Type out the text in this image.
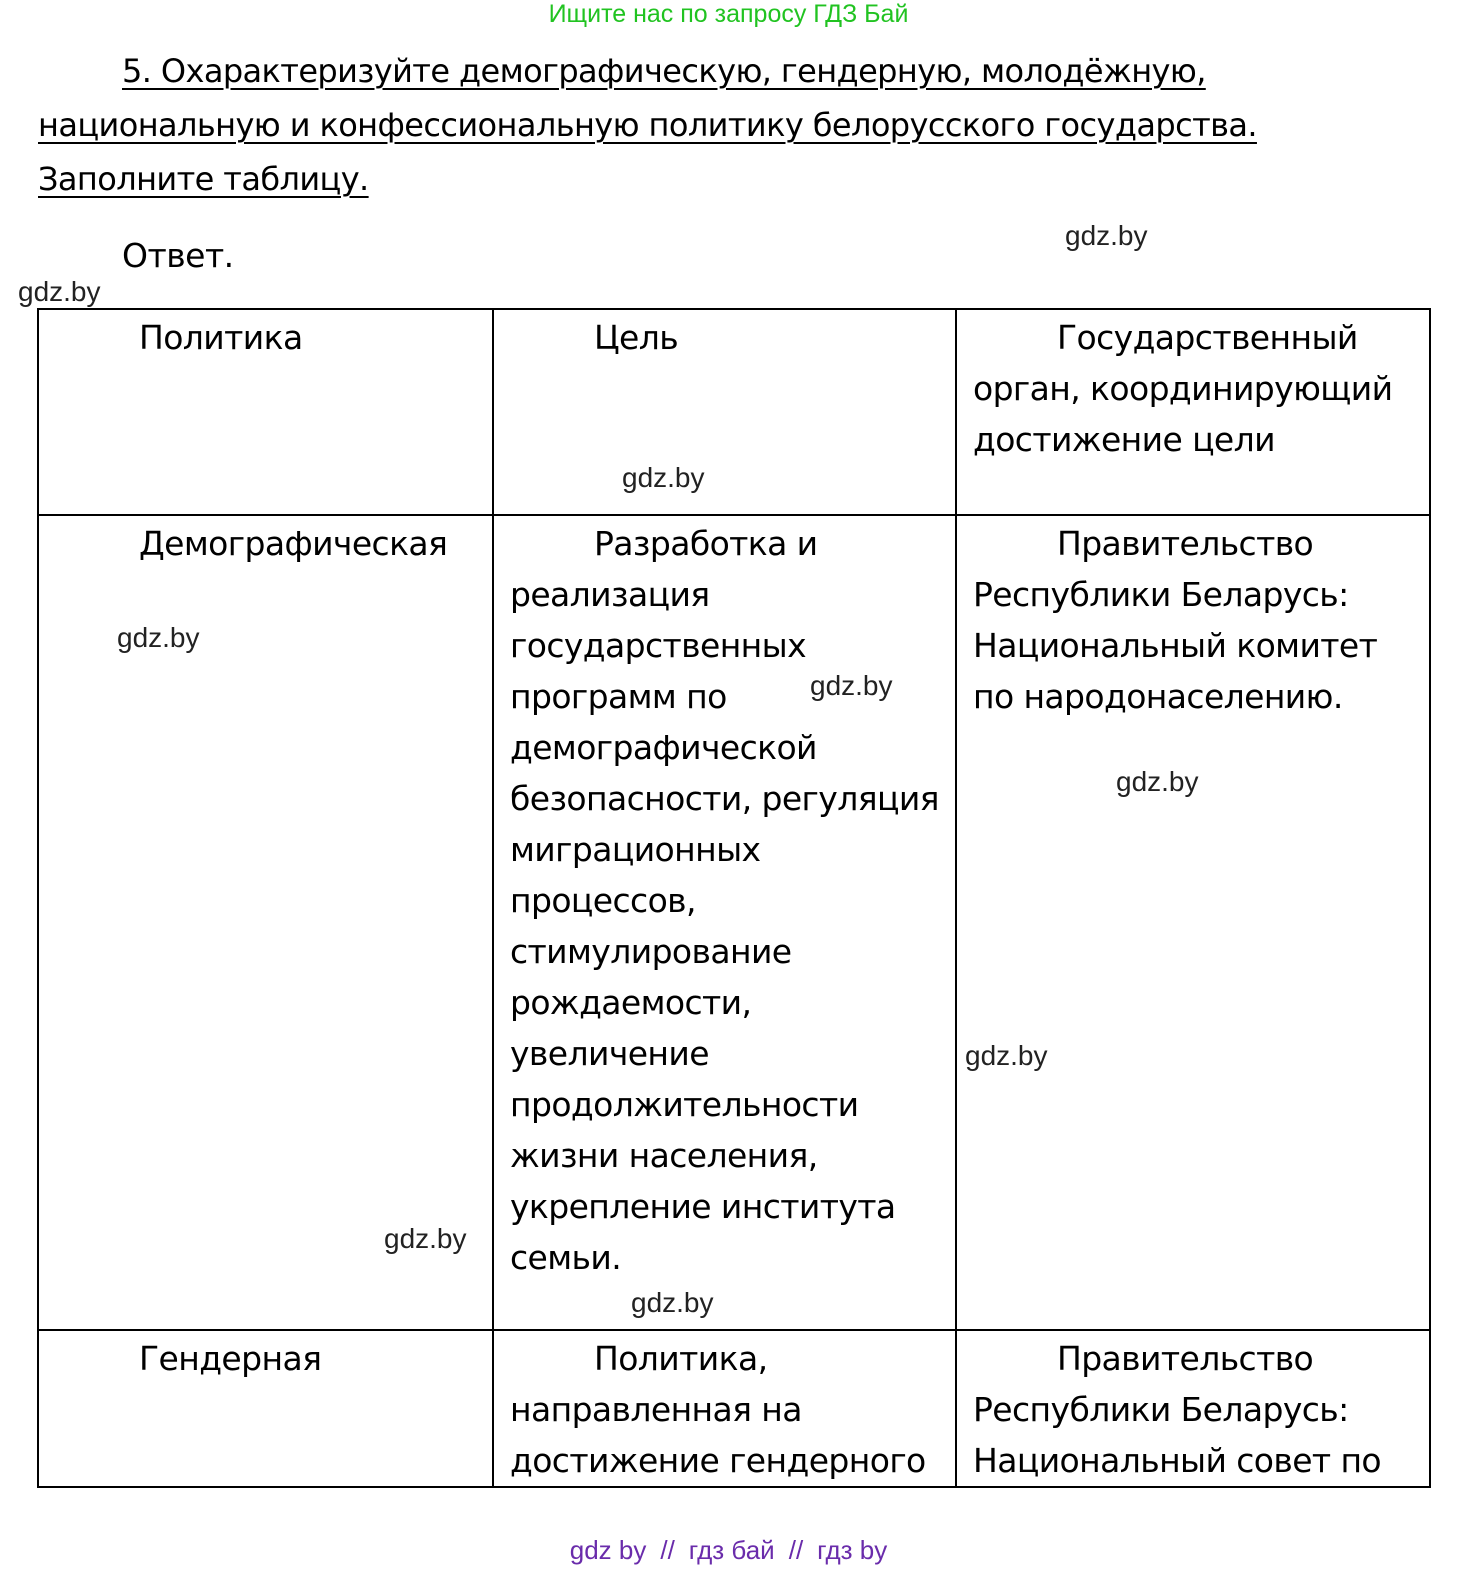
Ищите нас по запросу ГДЗ Бай
5. Охарактеризуйте демографическую, гендерную, молодёжную, национальную и конфессиональную политику белорусского государства. Заполните таблицу.
Ответ.
gdz.by
gdz.by
Политика	Цель	Государственный орган, координирующий достижение цели
Демографическая	Разработка и реализация государственных программ по демографической безопасности, регуляция миграционных процессов, стимулирование рождаемости, увеличение продолжительности жизни населения, укрепление института семьи.	Правительство Республики Беларусь: Национальный комитет по народонаселению.
Гендерная	Политика, направленная на достижение гендерного	Правительство Республики Беларусь: Национальный совет по
gdz.by
gdz.by
gdz.by
gdz.by
gdz.by
gdz.by
gdz.by
gdz by // гдз бай // гдз by
